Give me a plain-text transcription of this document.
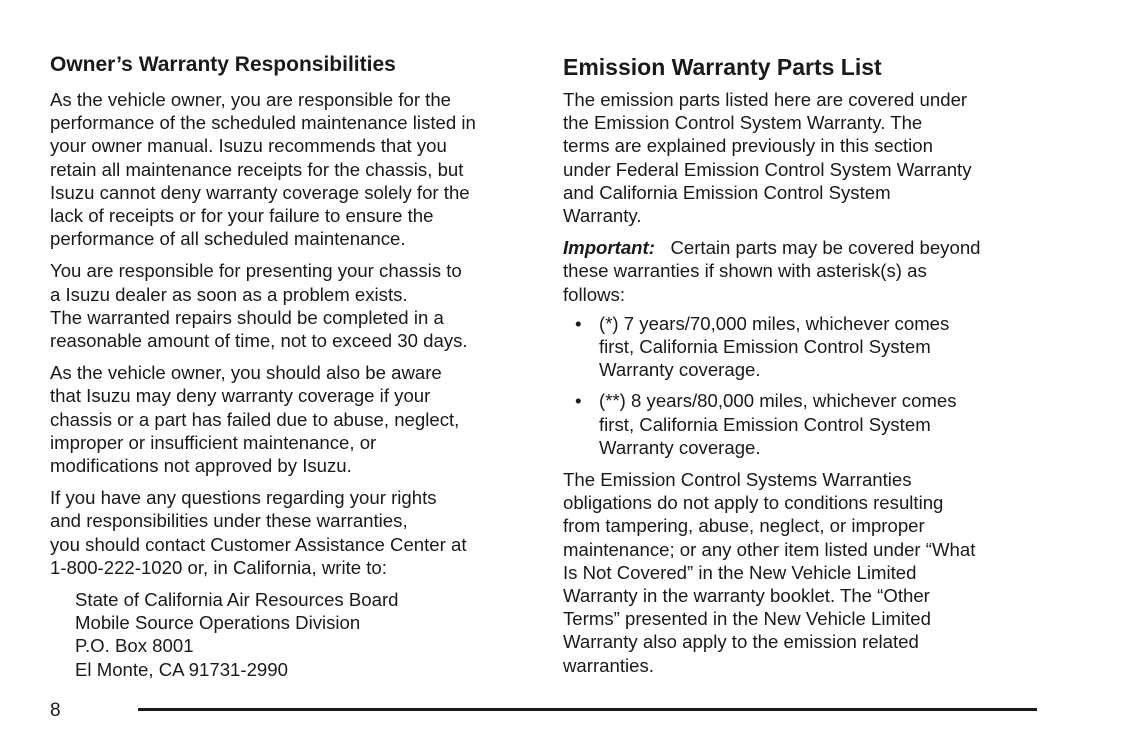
Owner’s Warranty Responsibilities

As the vehicle owner, you are responsible for the
performance of the scheduled maintenance listed in
your owner manual. Isuzu recommends that you
retain all maintenance receipts for the chassis, but
Isuzu cannot deny warranty coverage solely for the
lack of receipts or for your failure to ensure the
performance of all scheduled maintenance.

You are responsible for presenting your chassis to
a Isuzu dealer as soon as a problem exists.
The warranted repairs should be completed in a
reasonable amount of time, not to exceed 30 days.

As the vehicle owner, you should also be aware
that Isuzu may deny warranty coverage if your
chassis or a part has failed due to abuse, neglect,
improper or insufficient maintenance, or
modifications not approved by Isuzu.

If you have any questions regarding your rights
and responsibilities under these warranties,
you should contact Customer Assistance Center at
1-800-222-1020 or, in California, write to:

State of California Air Resources Board
Mobile Source Operations Division
P.O. Box 8001
El Monte, CA 91731-2990

Emission Warranty Parts List

The emission parts listed here are covered under
the Emission Control System Warranty. The
terms are explained previously in this section
under Federal Emission Control System Warranty
and California Emission Control System
Warranty.

Important: Certain parts may be covered beyond
these warranties if shown with asterisk(s) as
follows:

• (*) 7 years/70,000 miles, whichever comes
first, California Emission Control System
Warranty coverage.
• (**) 8 years/80,000 miles, whichever comes
first, California Emission Control System
Warranty coverage.

The Emission Control Systems Warranties
obligations do not apply to conditions resulting
from tampering, abuse, neglect, or improper
maintenance; or any other item listed under “What
Is Not Covered” in the New Vehicle Limited
Warranty in the warranty booklet. The “Other
Terms” presented in the New Vehicle Limited
Warranty also apply to the emission related
warranties.

8
